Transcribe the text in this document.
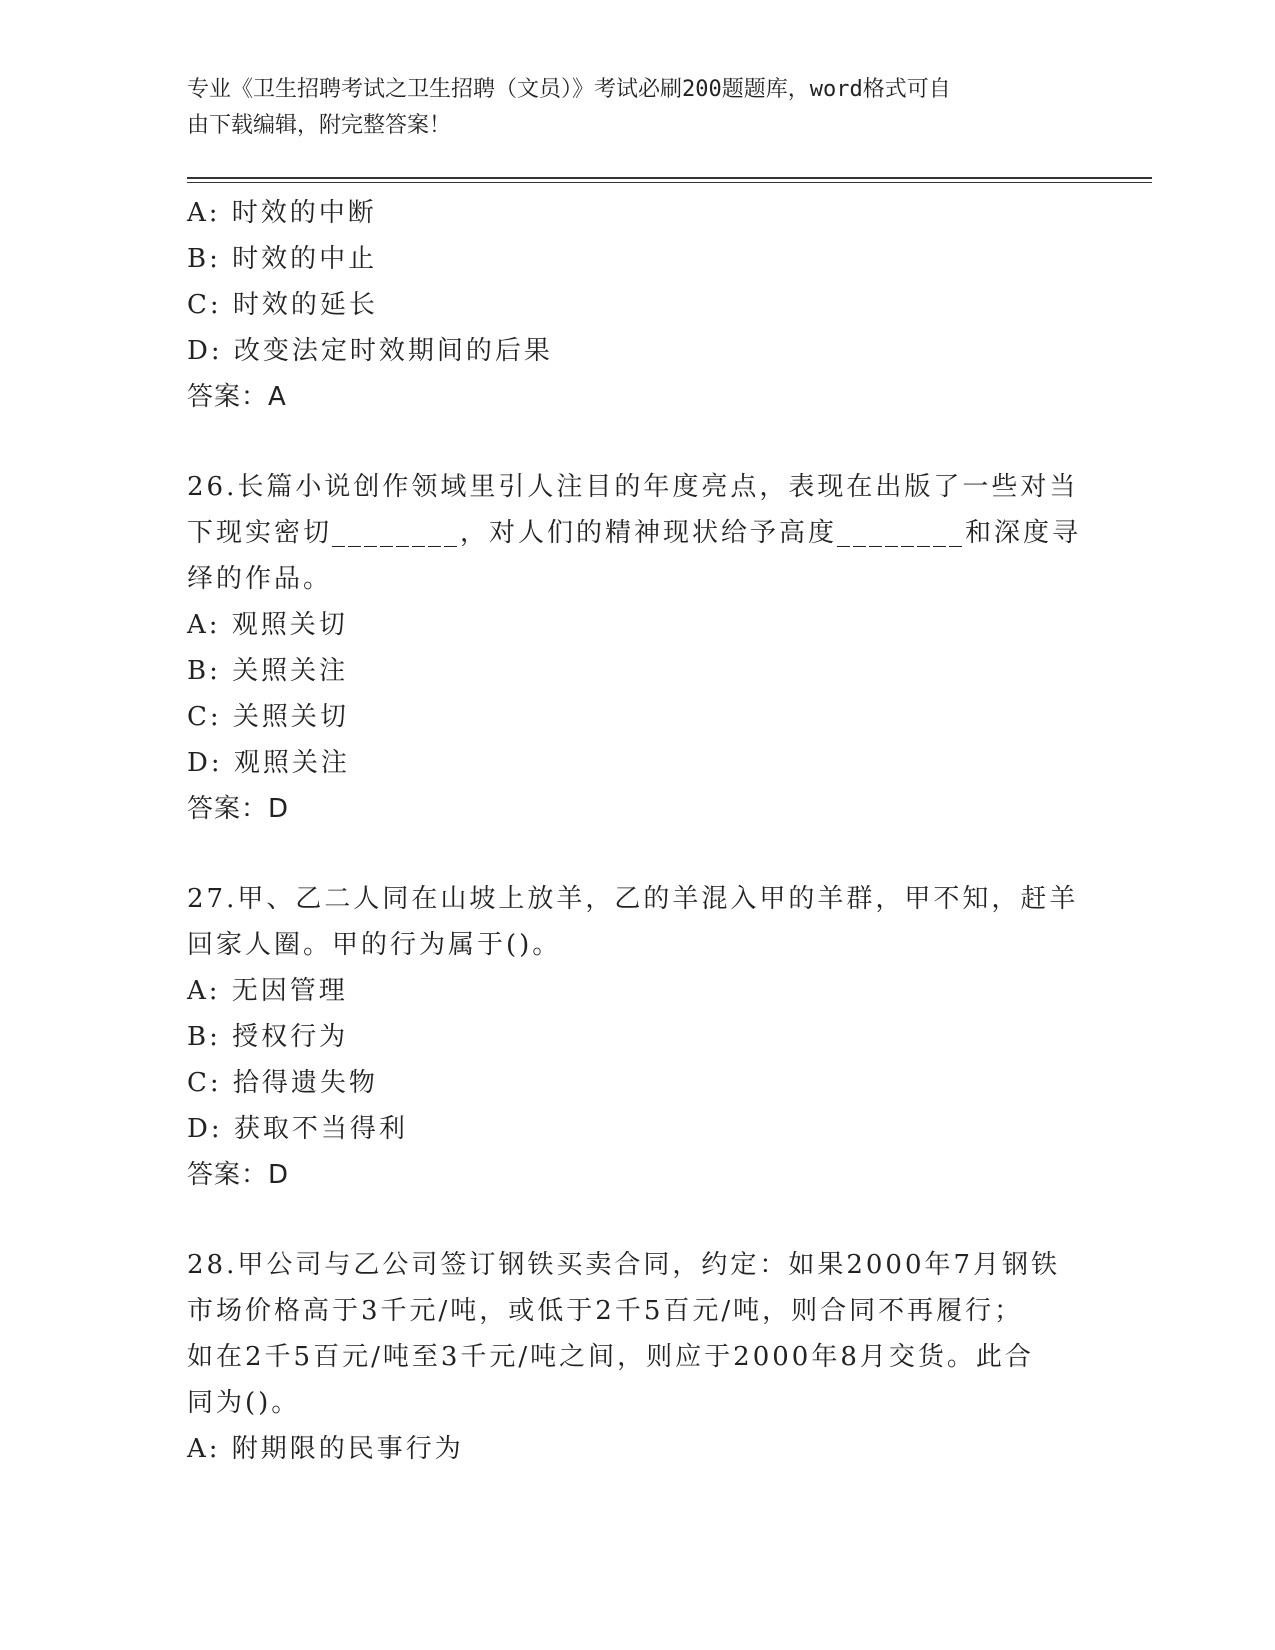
专业《卫生招聘考试之卫生招聘（文员）》考试必刷200题题库，word格式可自
由下载编辑，附完整答案！
A: 时效的中断
B: 时效的中止
C: 时效的延长
D: 改变法定时效期间的后果
答案：A
26.长篇小说创作领域里引人注目的年度亮点，表现在出版了一些对当
下现实密切________，对人们的精神现状给予高度________和深度寻
绎的作品。
A: 观照关切
B: 关照关注
C: 关照关切
D: 观照关注
答案：D
27.甲、乙二人同在山坡上放羊，乙的羊混入甲的羊群，甲不知，赶羊
回家人圈。甲的行为属于()。
A: 无因管理
B: 授权行为
C: 拾得遗失物
D: 获取不当得利
答案：D
28.甲公司与乙公司签订钢铁买卖合同，约定：如果2000年7月钢铁
市场价格高于3千元/吨，或低于2千5百元/吨，则合同不再履行；
如在2千5百元/吨至3千元/吨之间，则应于2000年8月交货。此合
同为()。
A: 附期限的民事行为
